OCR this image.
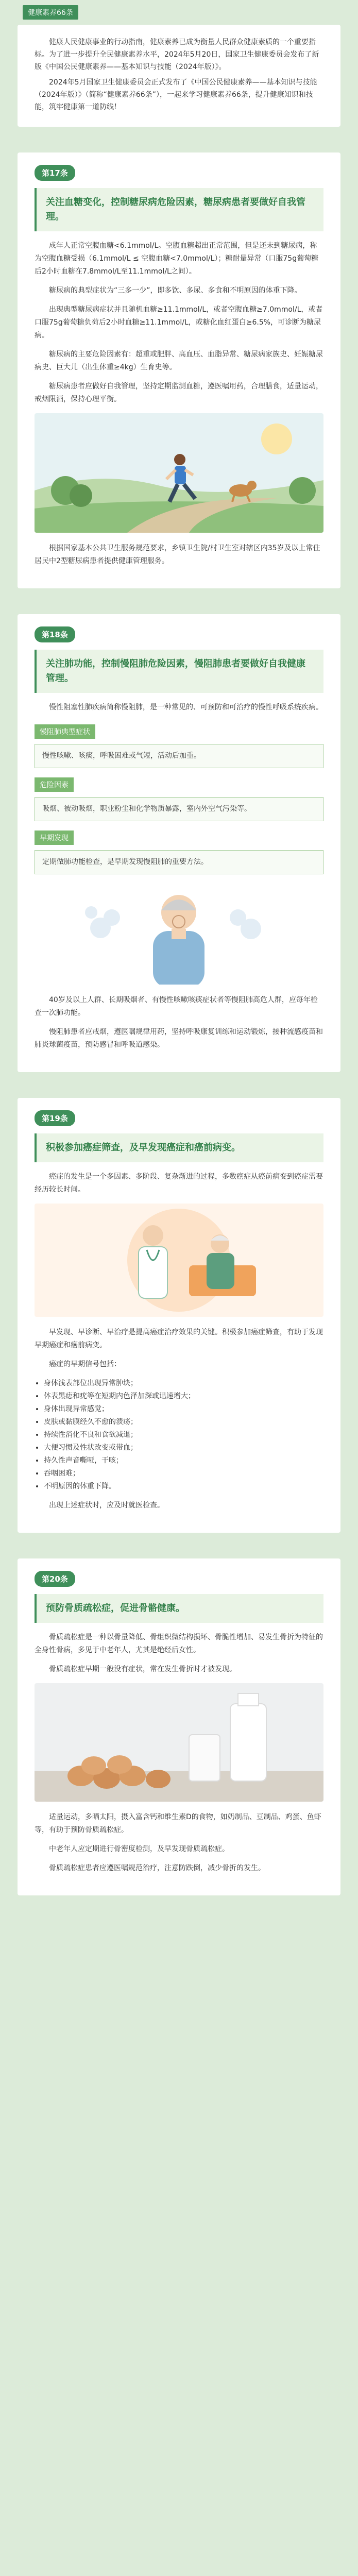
健康素养66条

健康人民健康事业的行动指南，健康素养已成为衡量人民群众健康素质的一个重要指标。为了进一步提升全民健康素养水平，2024年5月20日，国家卫生健康委员会发布了新版《中国公民健康素养——基本知识与技能（2024年版）》。

2024年5月国家卫生健康委员会正式发布了《中国公民健康素养——基本知识与技能（2024年版）》（简称“健康素养66条”），一起来学习健康素养66条，提升健康知识和技能，筑牢健康第一道防线！

第17条
关注血糖变化，控制糖尿病危险因素，糖尿病患者要做好自我管理。

成年人正常空腹血糖<6.1mmol/L。空腹血糖超出正常范围，但是还未到糖尿病，称为空腹血糖受损（6.1mmol/L ≤ 空腹血糖<7.0mmol/L）；糖耐量异常（口服75g葡萄糖后2小时血糖在7.8mmol/L至11.1mmol/L之间）。

糖尿病的典型症状为“三多一少”，即多饮、多尿、多食和不明原因的体重下降。

出现典型糖尿病症状并且随机血糖≥11.1mmol/L，或者空腹血糖≥7.0mmol/L，或者口服75g葡萄糖负荷后2小时血糖≥11.1mmol/L，或糖化血红蛋白≥6.5%，可诊断为糖尿病。

糖尿病的主要危险因素有：超重或肥胖、高血压、血脂异常、糖尿病家族史、妊娠糖尿病史、巨大儿（出生体重≥4kg）生育史等。

糖尿病患者应做好自我管理，坚持定期监测血糖，遵医嘱用药，合理膳食，适量运动，戒烟限酒，保持心理平衡。

根据国家基本公共卫生服务规范要求，乡镇卫生院/村卫生室对辖区内35岁及以上常住居民中2型糖尿病患者提供健康管理服务。

第18条
关注肺功能，控制慢阻肺危险因素，慢阻肺患者要做好自我健康管理。

慢性阻塞性肺疾病简称慢阻肺，是一种常见的、可预防和可治疗的慢性呼吸系统疾病。

慢阻肺典型症状

慢性咳嗽、咳痰，呼吸困难或气短，活动后加重。

危险因素

吸烟、被动吸烟，职业粉尘和化学物质暴露，室内外空气污染等。

早期发现

定期做肺功能检查，是早期发现慢阻肺的重要方法。

40岁及以上人群、长期吸烟者、有慢性咳嗽咳痰症状者等慢阻肺高危人群，应每年检查一次肺功能。

慢阻肺患者应戒烟，遵医嘱规律用药，坚持呼吸康复训练和运动锻炼，接种流感疫苗和肺炎球菌疫苗，预防感冒和呼吸道感染。

第19条
积极参加癌症筛查，及早发现癌症和癌前病变。

癌症的发生是一个多因素、多阶段、复杂渐进的过程，多数癌症从癌前病变到癌症需要经历较长时间。

早发现、早诊断、早治疗是提高癌症治疗效果的关键。积极参加癌症筛查，有助于发现早期癌症和癌前病变。

癌症的早期信号包括：

• 身体浅表部位出现异常肿块；
• 体表黑痣和疣等在短期内色泽加深或迅速增大；
• 身体出现异常感觉；
• 皮肤或黏膜经久不愈的溃疡；
• 持续性消化不良和食欲减退；
• 大便习惯及性状改变或带血；
• 持久性声音嘶哑，干咳；
• 吞咽困难；
• 不明原因的体重下降。

出现上述症状时，应及时就医检查。

第20条
预防骨质疏松症，促进骨骼健康。

骨质疏松症是一种以骨量降低、骨组织微结构损坏、骨脆性增加、易发生骨折为特征的全身性骨病，多见于中老年人，尤其是绝经后女性。

骨质疏松症早期一般没有症状，常在发生骨折时才被发现。

适量运动，多晒太阳，摄入富含钙和维生素D的食物，如奶制品、豆制品、鸡蛋、鱼虾等，有助于预防骨质疏松症。

中老年人应定期进行骨密度检测，及早发现骨质疏松症。

骨质疏松症患者应遵医嘱规范治疗，注意防跌倒，减少骨折的发生。
